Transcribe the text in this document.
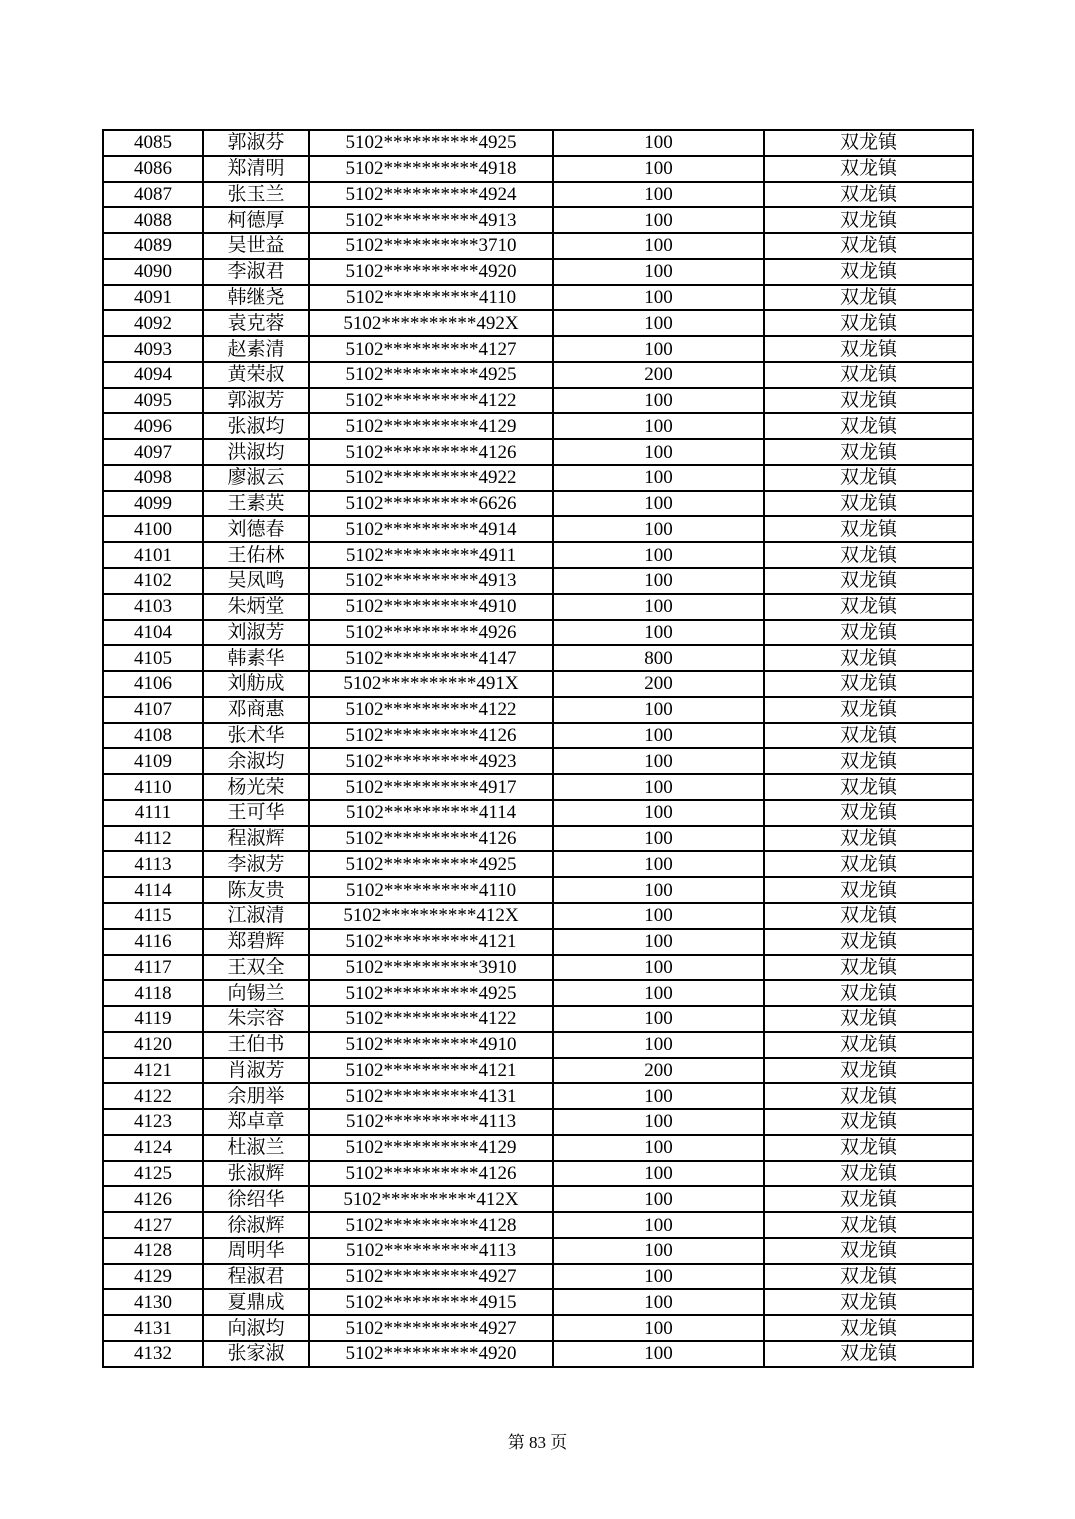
4085	郭淑芬	5102**********4925	100	双龙镇
4086	郑清明	5102**********4918	100	双龙镇
4087	张玉兰	5102**********4924	100	双龙镇
4088	柯德厚	5102**********4913	100	双龙镇
4089	吴世益	5102**********3710	100	双龙镇
4090	李淑君	5102**********4920	100	双龙镇
4091	韩继尧	5102**********4110	100	双龙镇
4092	袁克蓉	5102**********492X	100	双龙镇
4093	赵素清	5102**********4127	100	双龙镇
4094	黄荣叔	5102**********4925	200	双龙镇
4095	郭淑芳	5102**********4122	100	双龙镇
4096	张淑均	5102**********4129	100	双龙镇
4097	洪淑均	5102**********4126	100	双龙镇
4098	廖淑云	5102**********4922	100	双龙镇
4099	王素英	5102**********6626	100	双龙镇
4100	刘德春	5102**********4914	100	双龙镇
4101	王佑林	5102**********4911	100	双龙镇
4102	吴凤鸣	5102**********4913	100	双龙镇
4103	朱炳堂	5102**********4910	100	双龙镇
4104	刘淑芳	5102**********4926	100	双龙镇
4105	韩素华	5102**********4147	800	双龙镇
4106	刘舫成	5102**********491X	200	双龙镇
4107	邓商惠	5102**********4122	100	双龙镇
4108	张术华	5102**********4126	100	双龙镇
4109	余淑均	5102**********4923	100	双龙镇
4110	杨光荣	5102**********4917	100	双龙镇
4111	王可华	5102**********4114	100	双龙镇
4112	程淑辉	5102**********4126	100	双龙镇
4113	李淑芳	5102**********4925	100	双龙镇
4114	陈友贵	5102**********4110	100	双龙镇
4115	江淑清	5102**********412X	100	双龙镇
4116	郑碧辉	5102**********4121	100	双龙镇
4117	王双全	5102**********3910	100	双龙镇
4118	向锡兰	5102**********4925	100	双龙镇
4119	朱宗容	5102**********4122	100	双龙镇
4120	王伯书	5102**********4910	100	双龙镇
4121	肖淑芳	5102**********4121	200	双龙镇
4122	余朋举	5102**********4131	100	双龙镇
4123	郑卓章	5102**********4113	100	双龙镇
4124	杜淑兰	5102**********4129	100	双龙镇
4125	张淑辉	5102**********4126	100	双龙镇
4126	徐绍华	5102**********412X	100	双龙镇
4127	徐淑辉	5102**********4128	100	双龙镇
4128	周明华	5102**********4113	100	双龙镇
4129	程淑君	5102**********4927	100	双龙镇
4130	夏鼎成	5102**********4915	100	双龙镇
4131	向淑均	5102**********4927	100	双龙镇
4132	张家淑	5102**********4920	100	双龙镇
第 83 页
